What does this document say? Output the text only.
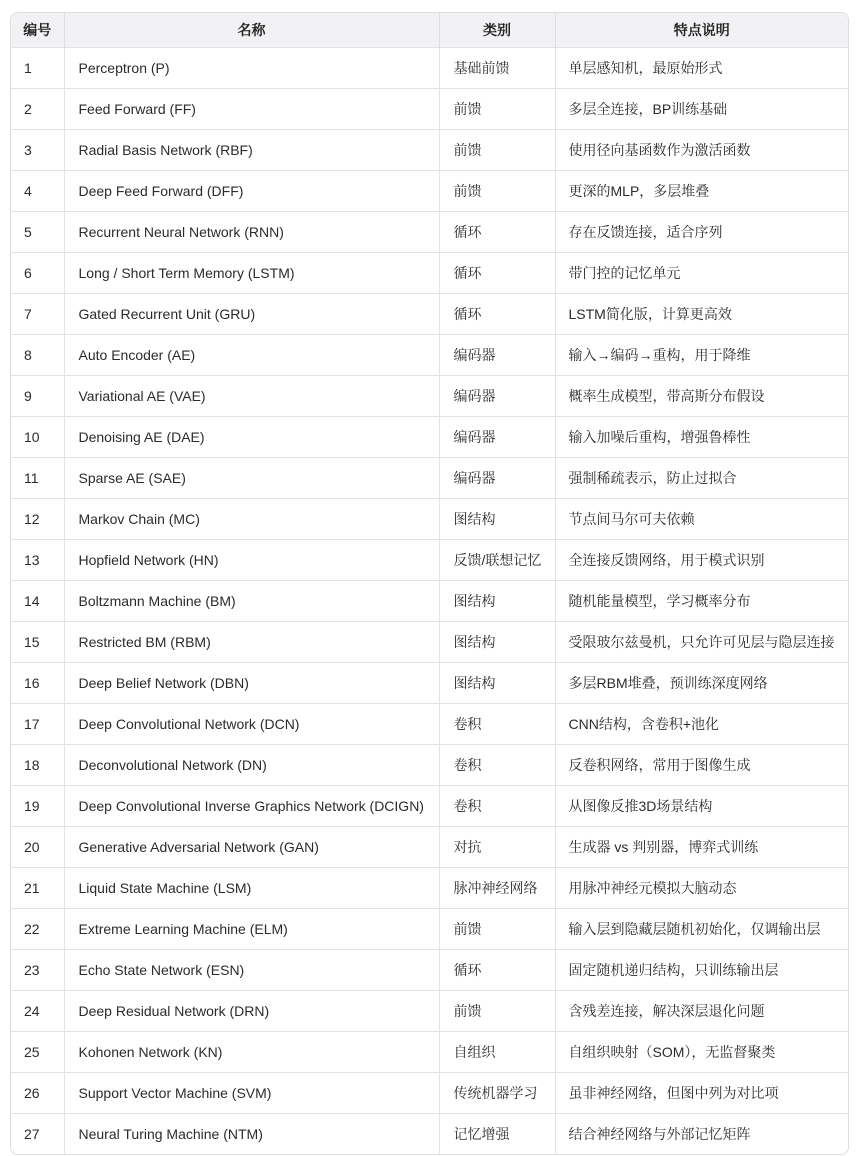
编号	名称	类别	特点说明
1	Perceptron (P)	基础前馈	单层感知机，最原始形式
2	Feed Forward (FF)	前馈	多层全连接，BP训练基础
3	Radial Basis Network (RBF)	前馈	使用径向基函数作为激活函数
4	Deep Feed Forward (DFF)	前馈	更深的MLP，多层堆叠
5	Recurrent Neural Network (RNN)	循环	存在反馈连接，适合序列
6	Long / Short Term Memory (LSTM)	循环	带门控的记忆单元
7	Gated Recurrent Unit (GRU)	循环	LSTM简化版，计算更高效
8	Auto Encoder (AE)	编码器	输入→编码→重构，用于降维
9	Variational AE (VAE)	编码器	概率生成模型，带高斯分布假设
10	Denoising AE (DAE)	编码器	输入加噪后重构，增强鲁棒性
11	Sparse AE (SAE)	编码器	强制稀疏表示，防止过拟合
12	Markov Chain (MC)	图结构	节点间马尔可夫依赖
13	Hopfield Network (HN)	反馈/联想记忆	全连接反馈网络，用于模式识别
14	Boltzmann Machine (BM)	图结构	随机能量模型，学习概率分布
15	Restricted BM (RBM)	图结构	受限玻尔兹曼机，只允许可见层与隐层连接
16	Deep Belief Network (DBN)	图结构	多层RBM堆叠，预训练深度网络
17	Deep Convolutional Network (DCN)	卷积	CNN结构，含卷积+池化
18	Deconvolutional Network (DN)	卷积	反卷积网络，常用于图像生成
19	Deep Convolutional Inverse Graphics Network (DCIGN)	卷积	从图像反推3D场景结构
20	Generative Adversarial Network (GAN)	对抗	生成器 vs 判别器，博弈式训练
21	Liquid State Machine (LSM)	脉冲神经网络	用脉冲神经元模拟大脑动态
22	Extreme Learning Machine (ELM)	前馈	输入层到隐藏层随机初始化，仅调输出层
23	Echo State Network (ESN)	循环	固定随机递归结构，只训练输出层
24	Deep Residual Network (DRN)	前馈	含残差连接，解决深层退化问题
25	Kohonen Network (KN)	自组织	自组织映射（SOM），无监督聚类
26	Support Vector Machine (SVM)	传统机器学习	虽非神经网络，但图中列为对比项
27	Neural Turing Machine (NTM)	记忆增强	结合神经网络与外部记忆矩阵
